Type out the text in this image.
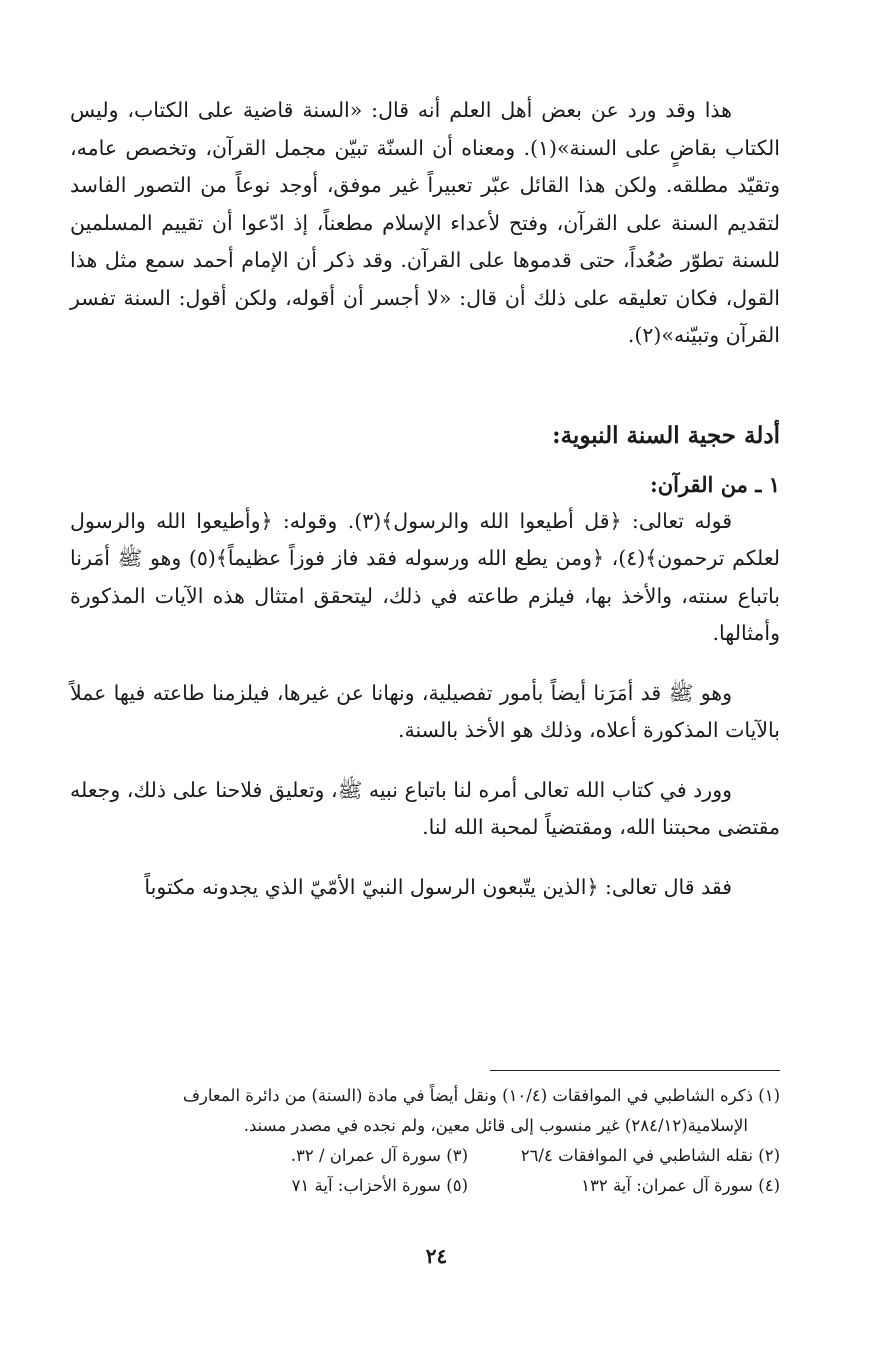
هذا وقد ورد عن بعض أهل العلم أنه قال: «السنة قاضية على الكتاب، وليس الكتاب بقاضٍ على السنة»(١). ومعناه أن السنّة تبيّن مجمل القرآن، وتخصص عامه، وتقيّد مطلقه. ولكن هذا القائل عبّر تعبيراً غير موفق، أوجد نوعاً من التصور الفاسد لتقديم السنة على القرآن، وفتح لأعداء الإسلام مطعناً، إذ ادّعوا أن تقييم المسلمين للسنة تطوّر صُعُداً، حتى قدموها على القرآن. وقد ذكر أن الإمام أحمد سمع مثل هذا القول، فكان تعليقه على ذلك أن قال: «لا أجسر أن أقوله، ولكن أقول: السنة تفسر القرآن وتبيّنه»(٢).

أدلة حجية السنة النبوية:
١ ـ من القرآن:

قوله تعالى: ﴿قل أطيعوا الله والرسول﴾(٣). وقوله: ﴿وأطيعوا الله والرسول لعلكم ترحمون﴾(٤)، ﴿ومن يطع الله ورسوله فقد فاز فوزاً عظيماً﴾(٥) وهو ﷺ أمَرنا باتباع سنته، والأخذ بها، فيلزم طاعته في ذلك، ليتحقق امتثال هذه الآيات المذكورة وأمثالها.

وهو ﷺ قد أمَرَنا أيضاً بأمور تفصيلية، ونهانا عن غيرها، فيلزمنا طاعته فيها عملاً بالآيات المذكورة أعلاه، وذلك هو الأخذ بالسنة.

وورد في كتاب الله تعالى أمره لنا باتباع نبيه ﷺ، وتعليق فلاحنا على ذلك، وجعله مقتضى محبتنا الله، ومقتضياً لمحبة الله لنا.

فقد قال تعالى: ﴿الذين يتّبعون الرسول النبيّ الأمّيّ الذي يجدونه مكتوباً

(١) ذكره الشاطبي في الموافقات (١٠/٤) ونقل أيضاً في مادة (السنة) من دائرة المعارف

الإسلامية(٢٨٤/١٢) غير منسوب إلى قائل معين، ولم نجده في مصدر مسند.

(٢) نقله الشاطبي في الموافقات ٢٦/٤
(٣) سورة آل عمران / ٣٢.
(٤) سورة آل عمران: آية ١٣٢
(٥) سورة الأحزاب: آية ٧١
٢٤
